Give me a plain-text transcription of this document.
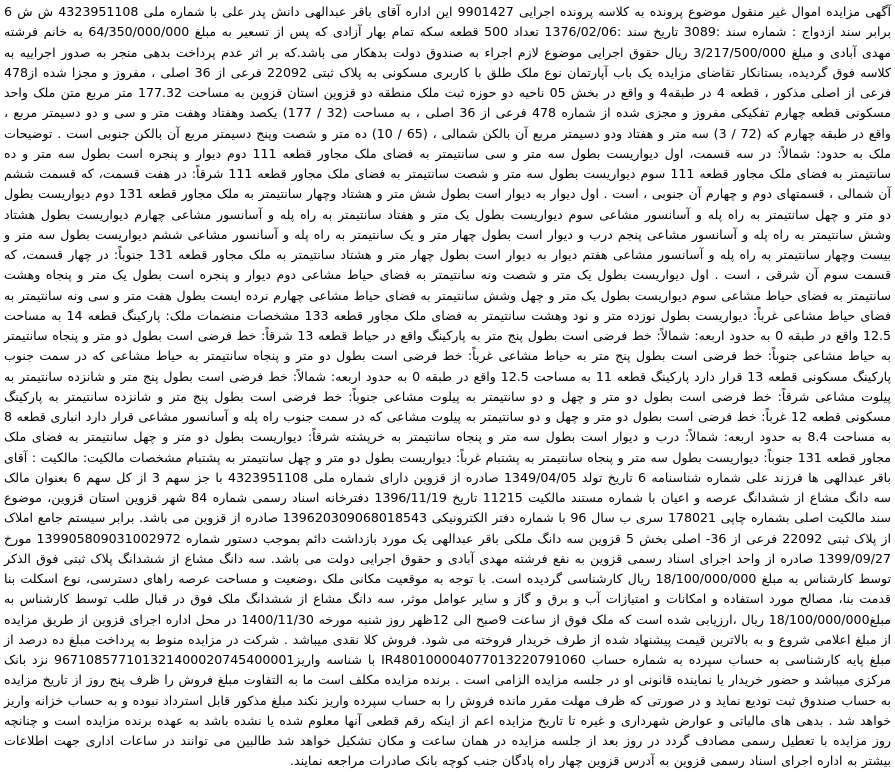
آگهی مزایده اموال غیر منقول موضوع پرونده به کلاسه پرونده اجرایی 9901427 این اداره آقای باقر عبدالهی دانش پدر علی با شماره ملی 4323951108 ش ش 6 برابر سند ازدواج : شماره سند :3089 تاریخ سند :1376/02/06 تعداد 500 قطعه سکه تمام بهار آزادی که پس از تسعیر به مبلغ 64/350/000/000 به خانم فرشته مهدی آبادی و مبلغ 3/217/500/000 ریال حقوق اجرایی موضوع لازم اجراء به صندوق دولت بدهکار می باشد.که بر اثر عدم پرداخت بدهی منجر به صدور اجراییه به کلاسه فوق گردیده، بستانکار تقاضای مزایده یک باب آپارتمان نوع ملک طلق با کاربری مسکونی به پلاک ثبتی 22092 فرعی از 36 اصلی ، مفروز و مجزا شده از478 فرعی از اصلی مذکور ، قطعه 4 در طبقه4 و واقع در بخش 05 ناحیه دو حوزه ثبت ملک منطقه دو قزوین استان قزوین به مساحت 177.32 متر مربع متن ملک واحد مسکونی قطعه چهارم تفکیکی مفروز و مجزی شده از شماره 478 فرعی از 36 اصلی ، به مساحت (32 / 177) یکصد وهفتاد وهفت متر و سی و دو دسیمتر مربع ، واقع در طبقه چهارم که (72 / 3) سه متر و هفتاد ودو دسیمتر مربع آن بالکن شمالی ، (65 / 10) ده متر و شصت وپنج دسیمتر مربع آن بالکن جنوبی است . توضیحات ملک به حدود: شمالاً: در سه قسمت، اول دیواریست بطول سه متر و سی سانتیمتر به فضای ملک مجاور قطعه 111 دوم دیوار و پنجره است بطول سه متر و ده سانتیمتر به فضای ملک مجاور قطعه 111 سوم دیواریست بطول سه متر و شصت سانتیمتر به فضای ملک مجاور قطعه 111 شرقاً: در هفت قسمت، که قسمت ششم آن شمالی ، قسمتهای دوم و چهارم آن جنوبی ، است . اول دیوار به دیوار است بطول شش متر و هشتاد وچهار سانتیمتر به ملک مجاور قطعه 131 دوم دیواریست بطول دو متر و چهل سانتیمتر به راه پله و آسانسور مشاعی سوم دیواریست بطول یک متر و هفتاد سانتیمتر به راه پله و آسانسور مشاعی چهارم دیواریست بطول هشتاد وشش سانتیمتر به راه پله و آسانسور مشاعی پنجم درب و دیوار است بطول چهار متر و یک سانتیمتر به راه پله و آسانسور مشاعی ششم دیواریست بطول سه متر و بیست وچهار سانتیمتر به راه پله و آسانسور مشاعی هفتم دیوار به دیوار است بطول چهار متر و هشتاد سانتیمتر به ملک مجاور قطعه 131 جنوباً: در چهار قسمت، که قسمت سوم آن شرقی ، است . اول دیواریست بطول یک متر و شصت ونه سانتیمتر به فضای حیاط مشاعی دوم دیوار و پنجره است بطول یک متر و پنجاه وهشت سانتیمتر به فضای حیاط مشاعی سوم دیواریست بطول یک متر و چهل وشش سانتیمتر به فضای حیاط مشاعی چهارم نرده ایست بطول هفت متر و سی ونه سانتیمتر به فضای حیاط مشاعی غرباً: دیواریست بطول نوزده متر و نود وهشت سانتیمتر به فضای ملک مجاور قطعه 133 مشخصات منضمات ملک: پارکینگ قطعه 14 به مساحت 12.5 واقع در طبقه 0 به حدود اربعه: شمالاً: خط فرضی است بطول پنج متر به پارکینگ واقع در حیاط قطعه 13 شرقاً: خط فرضی است بطول دو متر و پنجاه سانتیمتر به حیاط مشاعی جنوباً: خط فرضی است بطول پنج متر به حیاط مشاعی غرباً: خط فرضی است بطول دو متر و پنجاه سانتیمتر به حیاط مشاعی که در سمت جنوب پارکینگ مسکونی قطعه 13 قرار دارد پارکینگ قطعه 11 به مساحت 12.5 واقع در طبقه 0 به حدود اربعه: شمالاً: خط فرضی است بطول پنج متر و شانزده سانتیمتر به پیلوت مشاعی شرقاً: خط فرضی است بطول دو متر و چهل و دو سانتیمتر به پیلوت مشاعی جنوباً: خط فرضی است بطول پنج متر و شانزده سانتیمتر به پارکینگ مسکونی قطعه 12 غرباً: خط فرضی است بطول دو متر و چهل و دو سانتیمتر به پیلوت مشاعی که در سمت جنوب راه پله و آسانسور مشاعی قرار دارد انباری قطعه 8 به مساحت 8.4 به حدود اربعه: شمالاً: درب و دیوار است بطول سه متر و پنجاه سانتیمتر به خرپشته شرقاً: دیواریست بطول دو متر و چهل سانتیمتر به فضای ملک مجاور قطعه 131 جنوباً: دیواریست بطول سه متر و پنجاه سانتیمتر به پشتبام غرباً: دیواریست بطول دو متر و چهل سانتیمتر به پشتبام مشخصات مالکیت: مالکیت : آقای باقر عبدالهی ها فرزند علی شماره شناسنامه 6 تاریخ تولد 1349/04/05 صادره از قزوین دارای شماره ملی 4323951108 با جز سهم 3 از کل سهم 6 بعنوان مالک سه دانگ مشاع از ششدانگ عرصه و اعیان با شماره مستند مالکیت 11215 تاریخ 1396/11/19 دفترخانه اسناد رسمی شماره 84 شهر قزوین استان قزوین، موضوع سند مالکیت اصلی بشماره چاپی 178021 سری ب سال 96 با شماره دفتر الکترونیکی 139620309068018543 صادره از قزوین می باشد. برابر سیستم جامع املاک از پلاک ثبتی 22092 فرعی از 36- اصلی بخش 5 قزوین سه دانگ ملکی باقر عبدالهی یک مورد بازداشت دائم بموجب دستور شماره 139905809031002972 مورخ 1399/09/27 صادره از واحد اجرای اسناد رسمی قزوین به نفع فرشته مهدی آبادی و حقوق اجرایی دولت می باشد. سه دانگ مشاع از ششدانگ پلاک ثبتی فوق الذکر توسط کارشناس به مبلغ 18/100/000/000 ریال کارشناسی گردیده است. با توجه به موقعیت مکانی ملک ،وضعیت و مساحت عرصه راهای دسترسی، نوع اسکلت بنا قدمت بنا، مصالح مورد استفاده و امکانات و امتیازات آب و برق و گاز و سایر عوامل موثر، سه دانگ مشاع از ششدانگ ملک فوق در قبال طلب توسط کارشناس به مبلغ18/100/000/000 ریال ،ارزیابی شده است که ملک فوق از ساعت 9صبح الی 12ظهر روز شنبه مورخه 1400/11/30 در محل اداره اجرای قزوین از طریق مزایده از مبلغ اعلامی شروع و به بالاترین قیمت پیشنهاد شده از طرف خریدار فروخته می شود. فروش کلا نقدی میباشد . شرکت در مزایده منوط به پرداخت مبلغ ده درصد از مبلغ پایه کارشناسی به حساب سپرده به شماره حساب IR480100004077013220791060 با شناسه واریز967108577101321400020745400001 نزد بانک مرکزی میباشد و حضور خریدار یا نماینده قانونی او در جلسه مزایده الزامی است . برنده مزایده مکلف است ما به التفاوت مبلغ فروش را ظرف پنج روز از تاریخ مزایده به حساب صندوق ثبت تودیع نماید و در صورتی که ظرف مهلت مقرر مانده فروش را به حساب سپرده واریز نکند مبلغ مذکور قابل استرداد نبوده و به حساب خزانه واریز خواهد شد . بدهی های مالیاتی و عوارض شهرداری و غیره تا تاریخ مزایده اعم از اینکه رقم قطعی آنها معلوم شده یا نشده باشد به عهده برنده مزایده است و چنانچه روز مزایده با تعطیل رسمی مصادف گردد در روز بعد از جلسه مزایده در همان ساعت و مکان تشکیل خواهد شد طالبین می توانند در ساعات اداری جهت اطلاعات بیشتر به اداره اجرای اسناد رسمی قزوین به آدرس قزوین چهار راه پادگان جنب کوچه بانک صادرات مراجعه نمایند.
